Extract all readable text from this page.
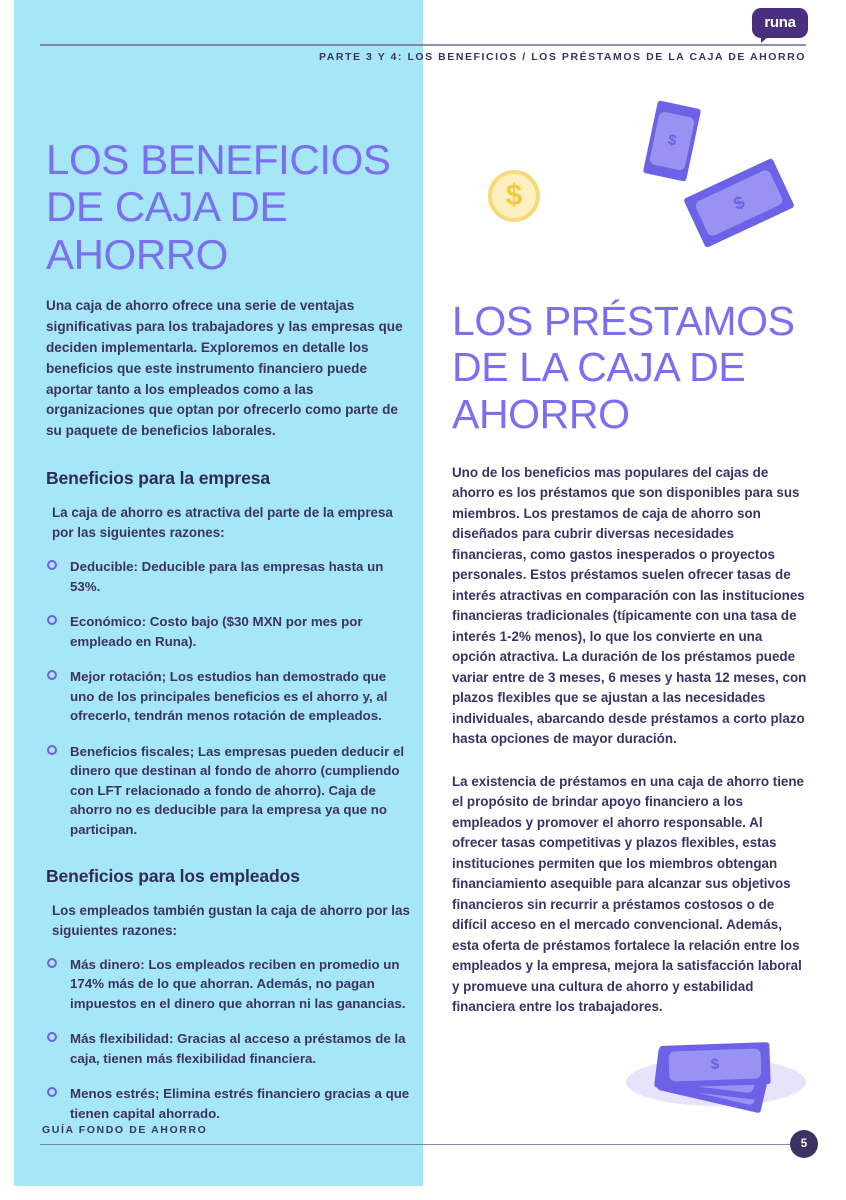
$
$
$
$
runa
PARTE 3 Y 4: LOS BENEFICIOS / LOS PRÉSTAMOS DE LA CAJA DE AHORRO
LOS BENEFICIOS DE CAJA DE AHORRO

Una caja de ahorro ofrece una serie de ventajas significativas para los trabajadores y las empresas que deciden implementarla. Exploremos en detalle los beneficios que este instrumento financiero puede aportar tanto a los empleados como a las organizaciones que optan por ofrecerlo como parte de su paquete de beneficios laborales.

Beneficios para la empresa

La caja de ahorro es atractiva del parte de la empresa por las siguientes razones:

Deducible: Deducible para las empresas hasta un 53%.
Económico: Costo bajo ($30 MXN por mes por empleado en Runa).
Mejor rotación; Los estudios han demostrado que uno de los principales beneficios es el ahorro y, al ofrecerlo, tendrán menos rotación de empleados.
Beneficios fiscales; Las empresas pueden deducir el dinero que destinan al fondo de ahorro (cumpliendo con LFT relacionado a fondo de ahorro). Caja de ahorro no es deducible para la empresa ya que no participan.
Beneficios para los empleados

Los empleados también gustan la caja de ahorro por las siguientes razones:

Más dinero: Los empleados reciben en promedio un 174% más de lo que ahorran. Además, no pagan impuestos en el dinero que ahorran ni las ganancias.
Más flexibilidad: Gracias al acceso a préstamos de la caja, tienen más flexibilidad financiera.
Menos estrés; Elimina estrés financiero gracias a que tienen capital ahorrado.
LOS PRÉSTAMOS DE LA CAJA DE AHORRO

Uno de los beneficios mas populares del cajas de ahorro es los préstamos que son disponibles para sus miembros. Los prestamos de caja de ahorro son diseñados para cubrir diversas necesidades financieras, como gastos inesperados o proyectos personales. Estos préstamos suelen ofrecer tasas de interés atractivas en comparación con las instituciones financieras tradicionales (típicamente con una tasa de interés 1-2% menos), lo que los convierte en una opción atractiva. La duración de los préstamos puede variar entre de 3 meses, 6 meses y hasta 12 meses, con plazos flexibles que se ajustan a las necesidades individuales, abarcando desde préstamos a corto plazo hasta opciones de mayor duración.

La existencia de préstamos en una caja de ahorro tiene el propósito de brindar apoyo financiero a los empleados y promover el ahorro responsable. Al ofrecer tasas competitivas y plazos flexibles, estas instituciones permiten que los miembros obtengan financiamiento asequible para alcanzar sus objetivos financieros sin recurrir a préstamos costosos o de difícil acceso en el mercado convencional. Además, esta oferta de préstamos fortalece la relación entre los empleados y la empresa, mejora la satisfacción laboral y promueve una cultura de ahorro y estabilidad financiera entre los trabajadores.

GUÍA FONDO DE AHORRO
5
